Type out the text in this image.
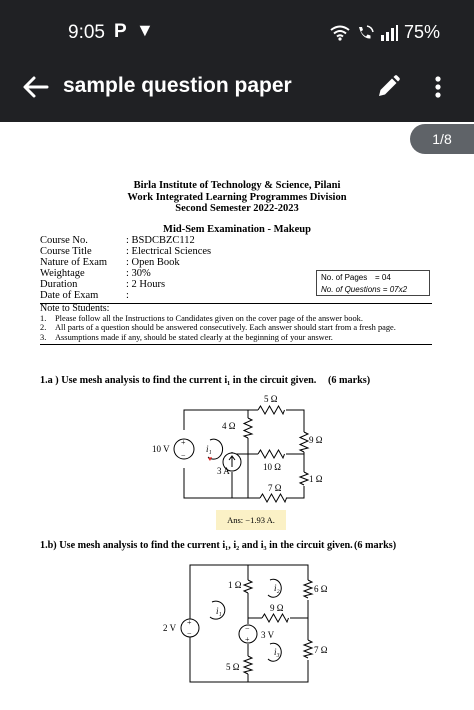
9:05 P ▼	75%
sample question paper
1/8
Birla Institute of Technology & Science, Pilani
Work Integrated Learning Programmes Division
Second Semester 2022-2023
Mid-Sem Examination - Makeup
Course No.	: BSDCBZC112
Course Title	: Electrical Sciences
Nature of Exam	: Open Book
Weightage	: 30%
Duration	: 2 Hours
Date of Exam	:
No. of Pages = 04
No. of Questions = 07x2
Note to Students:
1.	Please follow all the Instructions to Candidates given on the cover page of the answer book.
2.	All parts of a question should be answered consecutively. Each answer should start from a fresh page.
3.	Assumptions made if any, should be stated clearly at the beginning of your answer.
1.a ) Use mesh analysis to find the current i₁ in the circuit given. (6 marks)
+
−
5 Ω
4 Ω
9 Ω
10 Ω
1 Ω
7 Ω
10 V
3 A
i₁
Ans: −1.93 A.
1.b) Use mesh analysis to find the current i₁, i₂ and i₃ in the circuit given. (6 marks)
+
−
−
+
1 Ω	6 Ω
9 Ω
5 Ω
7 Ω
2 V
3 V
i₁
i₂
i₃
